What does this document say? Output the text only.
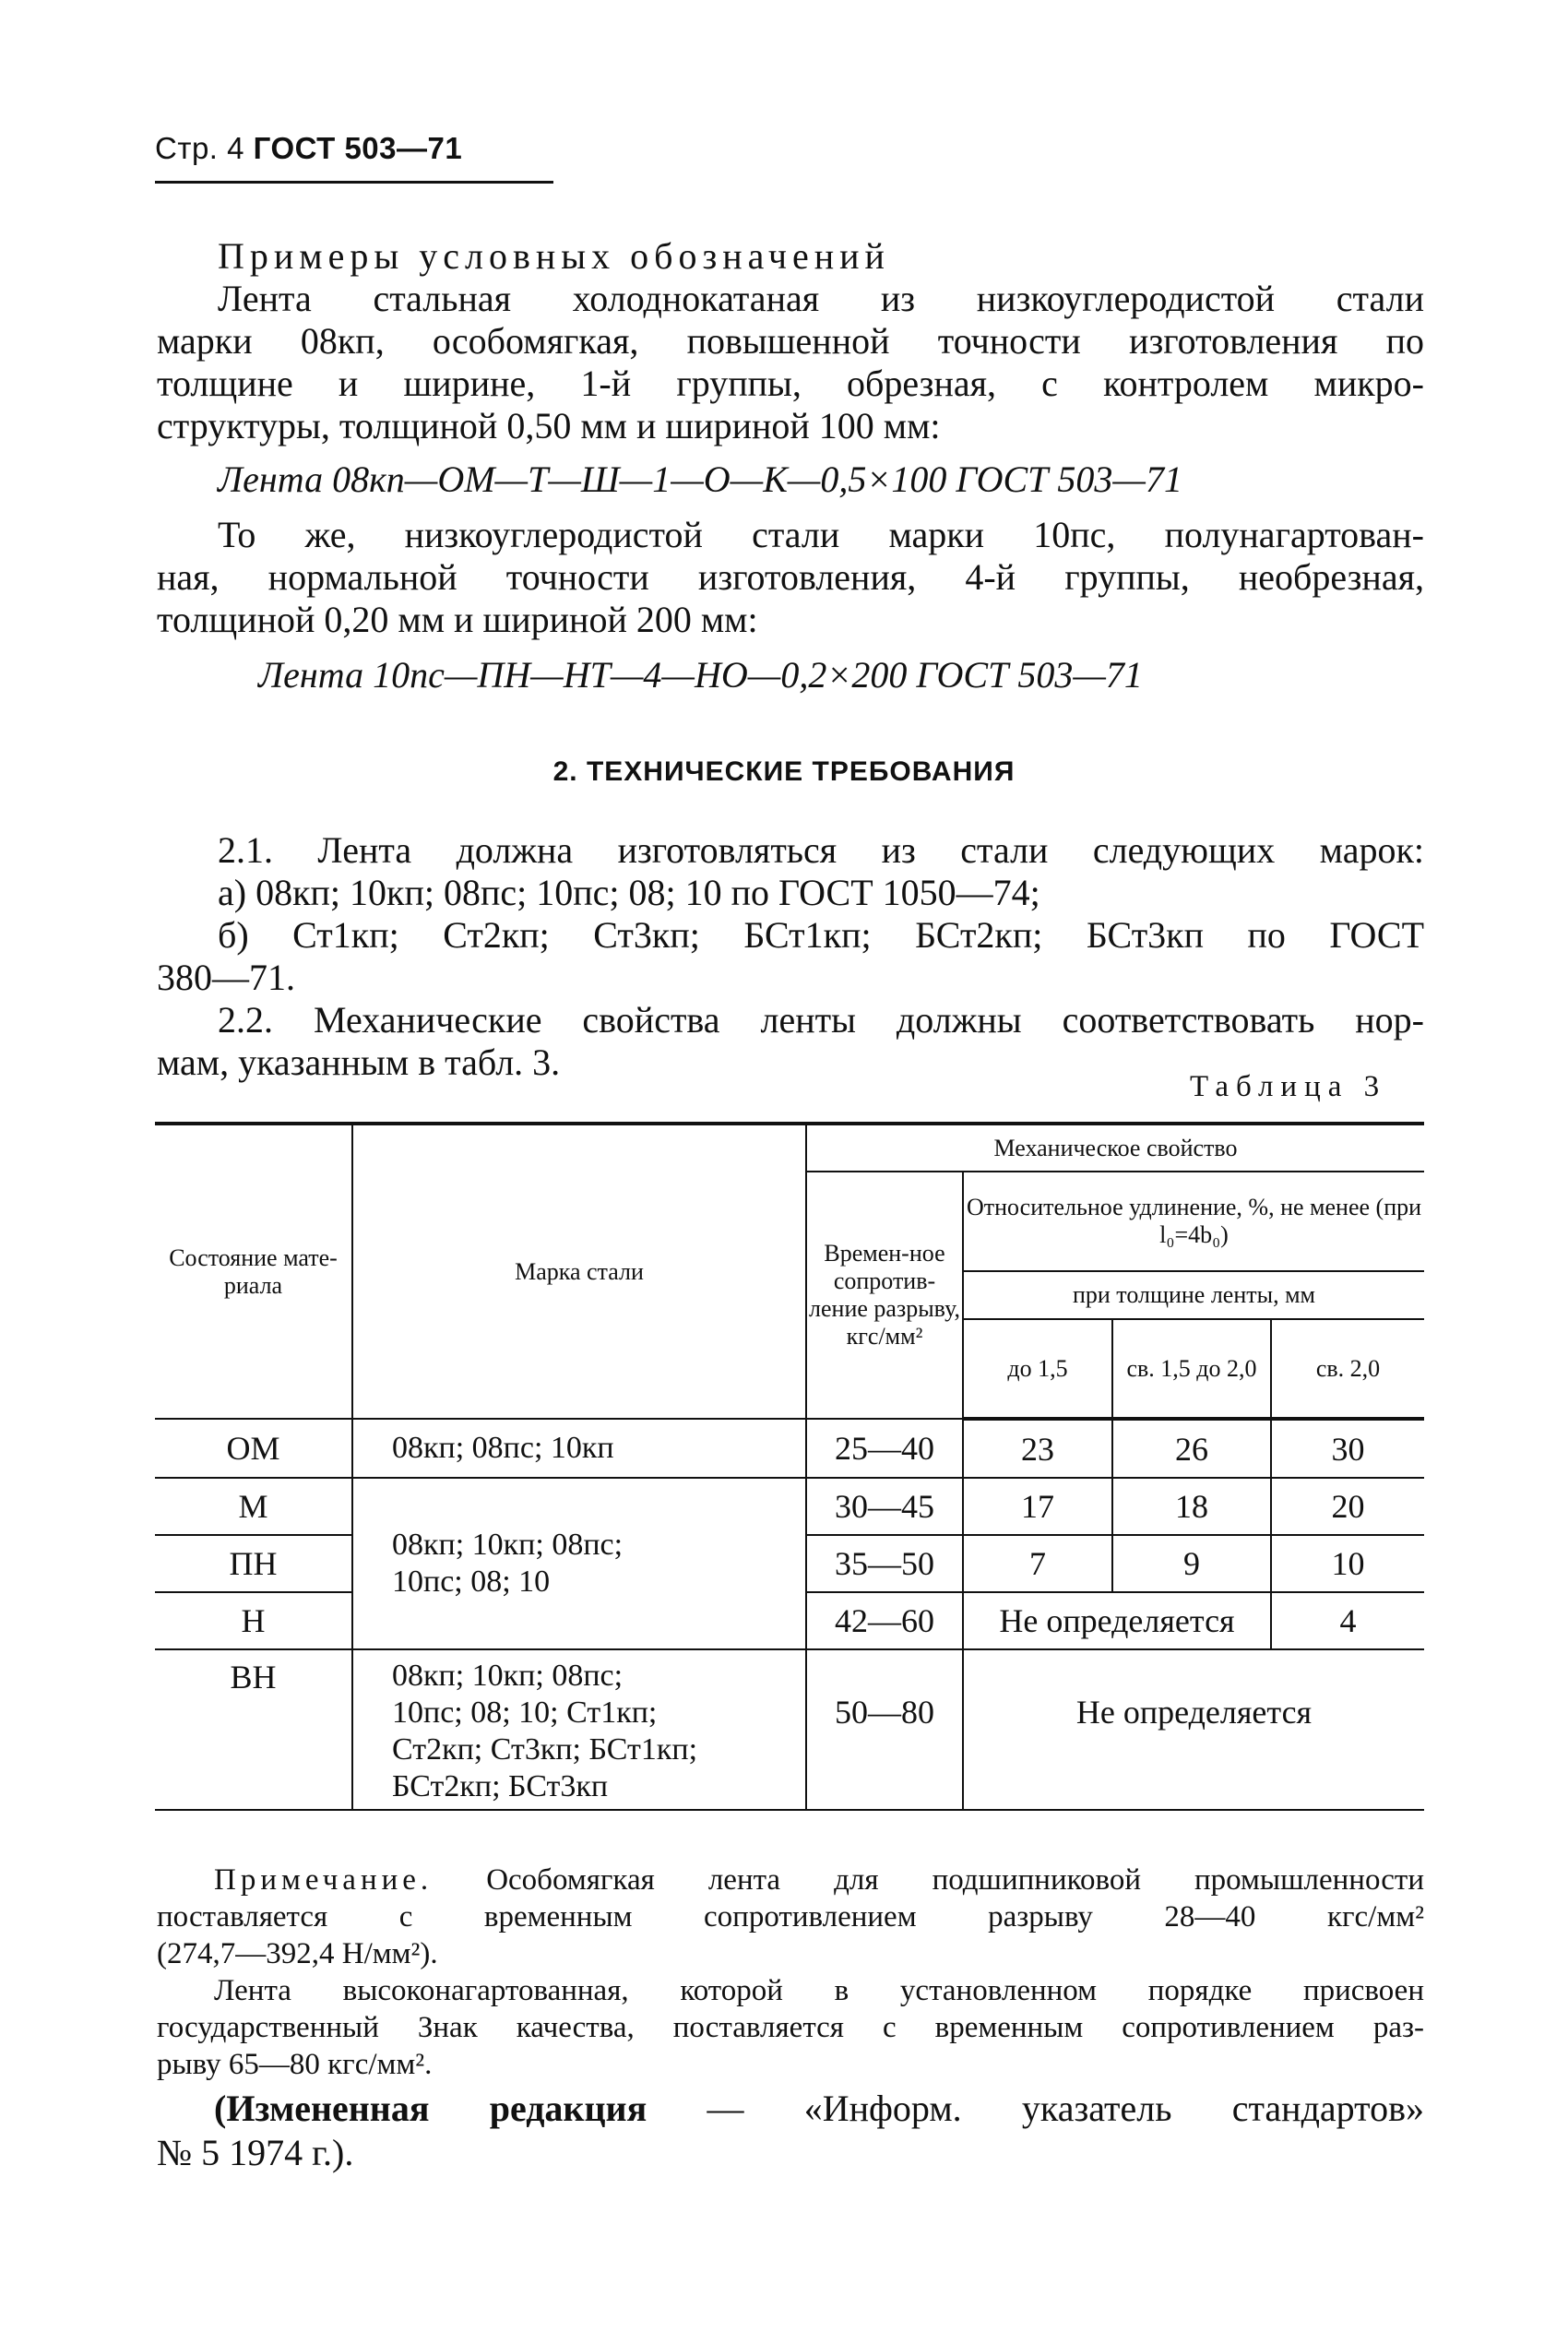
Стр. 4 ГОСТ 503—71
Примеры условных обозначений
Лента стальная холоднокатаная из низкоуглеродистой стали
марки 08кп, особомягкая, повышенной точности изготовления по
толщине и ширине, 1-й группы, обрезная, с контролем микро-
структуры, толщиной 0,50 мм и шириной 100 мм:
Лента 08кп—ОМ—Т—Ш—1—О—К—0,5×100 ГОСТ 503—71
То же, низкоуглеродистой стали марки 10пс, полунагартован-
ная, нормальной точности изготовления, 4-й группы, необрезная,
толщиной 0,20 мм и шириной 200 мм:
Лента 10пс—ПН—НТ—4—НО—0,2×200 ГОСТ 503—71
2. ТЕХНИЧЕСКИЕ ТРЕБОВАНИЯ
2.1. Лента должна изготовляться из стали следующих марок:
а) 08кп; 10кп; 08пс; 10пс; 08; 10 по ГОСТ 1050—74;
б) Ст1кп; Ст2кп; Ст3кп; БСт1кп; БСт2кп; БСт3кп по ГОСТ
380—71.
2.2. Механические свойства ленты должны соответствовать нор-
мам, указанным в табл. 3.
Таблица 3
Состояние мате-риала	Марка стали	Механическое свойство			
		Времен-ное сопротив-ление разрыву, кгс/мм²	Относительное удлинение, %, не менее (при l₀=4b₀)		
			при толщине ленты, мм		
			до 1,5	св. 1,5 до 2,0	св. 2,0
ОМ	08кп; 08пс; 10кп	25—40	23	26	30
М	08кп; 10кп; 08пс;
10пс; 08; 10	30—45	17	18	20
ПН		35—50	7	9	10
Н		42—60	Не определяется		4
ВН	08кп; 10кп; 08пс;
10пс; 08; 10; Ст1кп;
Ст2кп; Ст3кп; БСт1кп;
БСт2кп; БСт3кп	50—80	Не определяется		
Примечание. Особомягкая лента для подшипниковой промышленности
поставляется с временным сопротивлением разрыву 28—40 кгс/мм²
(274,7—392,4 Н/мм²).
Лента высоконагартованная, которой в установленном порядке присвоен
государственный Знак качества, поставляется с временным сопротивлением раз-
рыву 65—80 кгс/мм².
(Измененная редакция — «Информ. указатель стандартов»
№ 5 1974 г.).
